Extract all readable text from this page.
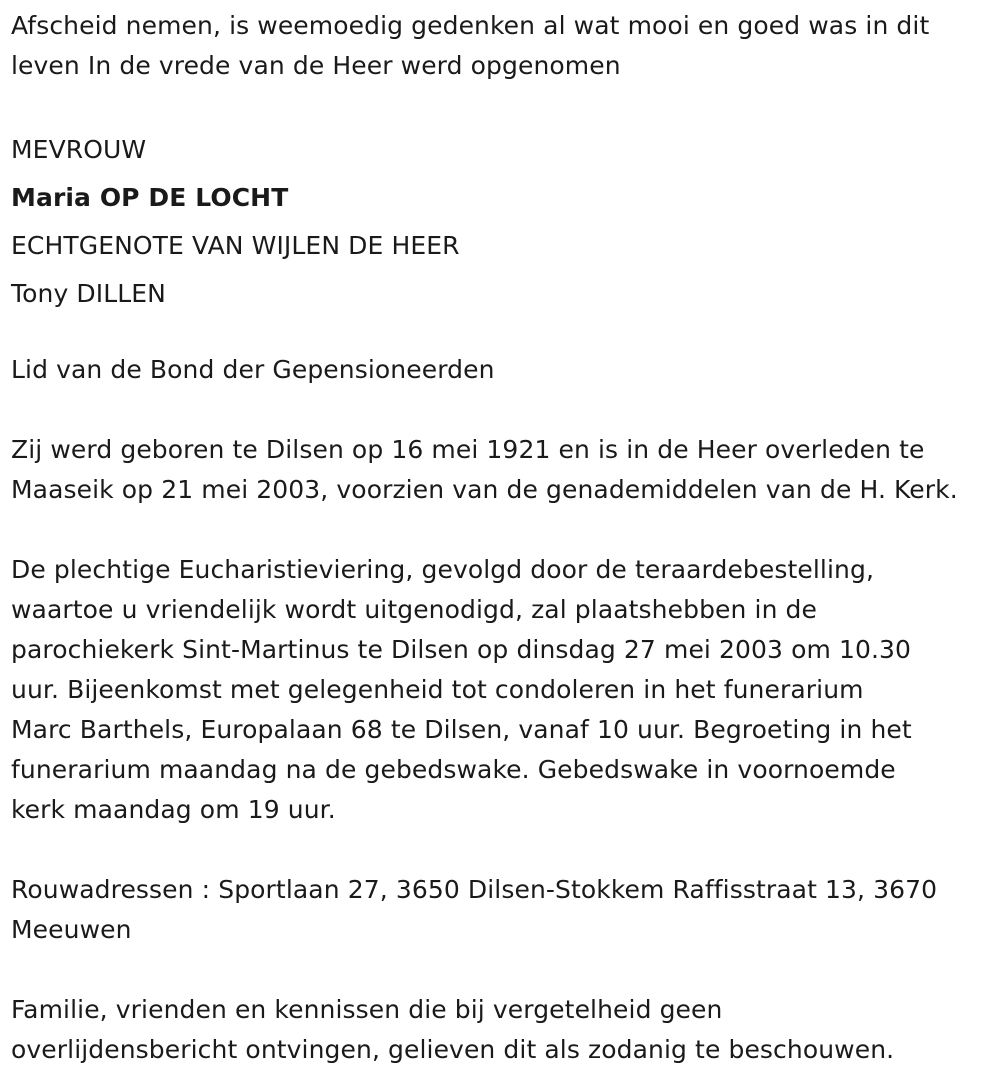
Afscheid nemen, is weemoedig gedenken al wat mooi en goed was in dit
leven In de vrede van de Heer werd opgenomen

MEVROUW
Maria OP DE LOCHT
ECHTGENOTE VAN WIJLEN DE HEER
Tony DILLEN

Lid van de Bond der Gepensioneerden

Zij werd geboren te Dilsen op 16 mei 1921 en is in de Heer overleden te
Maaseik op 21 mei 2003, voorzien van de genademiddelen van de H. Kerk.

De plechtige Eucharistieviering, gevolgd door de teraardebestelling,
waartoe u vriendelijk wordt uitgenodigd, zal plaatshebben in de
parochiekerk Sint-Martinus te Dilsen op dinsdag 27 mei 2003 om 10.30
uur. Bijeenkomst met gelegenheid tot condoleren in het funerarium
Marc Barthels, Europalaan 68 te Dilsen, vanaf 10 uur. Begroeting in het
funerarium maandag na de gebedswake. Gebedswake in voornoemde
kerk maandag om 19 uur.

Rouwadressen : Sportlaan 27, 3650 Dilsen-Stokkem Raffisstraat 13, 3670
Meeuwen

Familie, vrienden en kennissen die bij vergetelheid geen
overlijdensbericht ontvingen, gelieven dit als zodanig te beschouwen.
